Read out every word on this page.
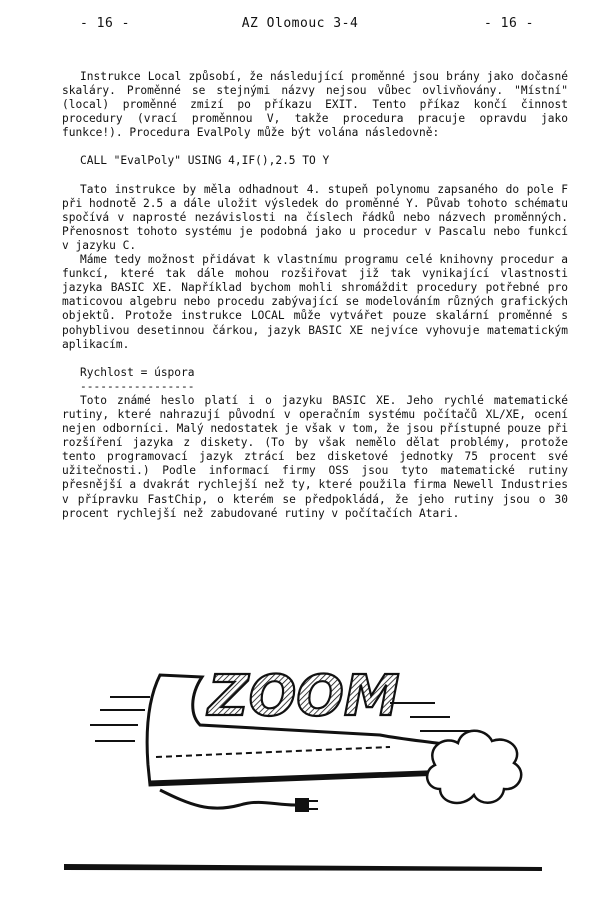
- 16 -	AZ Olomouc 3-4	- 16 -

Instrukce Local způsobí, že následující proměnné jsou brány jako dočasné skaláry. Proměnné se stejnými názvy nejsou vůbec ovlivňovány. "Místní" (local) proměnné zmizí po příkazu EXIT. Tento příkaz končí činnost procedury (vrací proměnnou V, takže procedura pracuje opravdu jako funkce!). Procedura EvalPoly může být volána následovně:

CALL "EvalPoly" USING 4,IF(),2.5 TO Y

Tato instrukce by měla odhadnout 4. stupeň polynomu zapsaného do pole F při hodnotě 2.5 a dále uložit výsledek do proměnné Y. Půvab tohoto schématu spočívá v naprosté nezávislosti na číslech řádků nebo názvech proměnných. Přenosnost tohoto systému je podobná jako u procedur v Pascalu nebo funkcí v jazyku C.

Máme tedy možnost přidávat k vlastnímu programu celé knihovny procedur a funkcí, které tak dále mohou rozšiřovat již tak vynikající vlastnosti jazyka BASIC XE. Například bychom mohli shromáždit procedury potřebné pro maticovou algebru nebo procedu zabývající se modelováním různých grafických objektů. Protože instrukce LOCAL může vytvářet pouze skalární proměnné s pohyblivou desetinnou čárkou, jazyk BASIC XE nejvíce vyhovuje matematickým aplikacím.

Rychlost = úspora

-----------------

Toto známé heslo platí i o jazyku BASIC XE. Jeho rychlé matematické rutiny, které nahrazují původní v operačním systému počítačů XL/XE, ocení nejen odborníci. Malý nedostatek je však v tom, že jsou přístupné pouze při rozšíření jazyka z diskety. (To by však nemělo dělat problémy, protože tento programovací jazyk ztrácí bez disketové jednotky 75 procent své užitečnosti.) Podle informací firmy OSS jsou tyto matematické rutiny přesnější a dvakrát rychlejší než ty, které použila firma Newell Industries v přípravku FastChip, o kterém se předpokládá, že jeho rutiny jsou o 30 procent rychlejší než zabudované rutiny v počítačích Atari.

ZOOM
